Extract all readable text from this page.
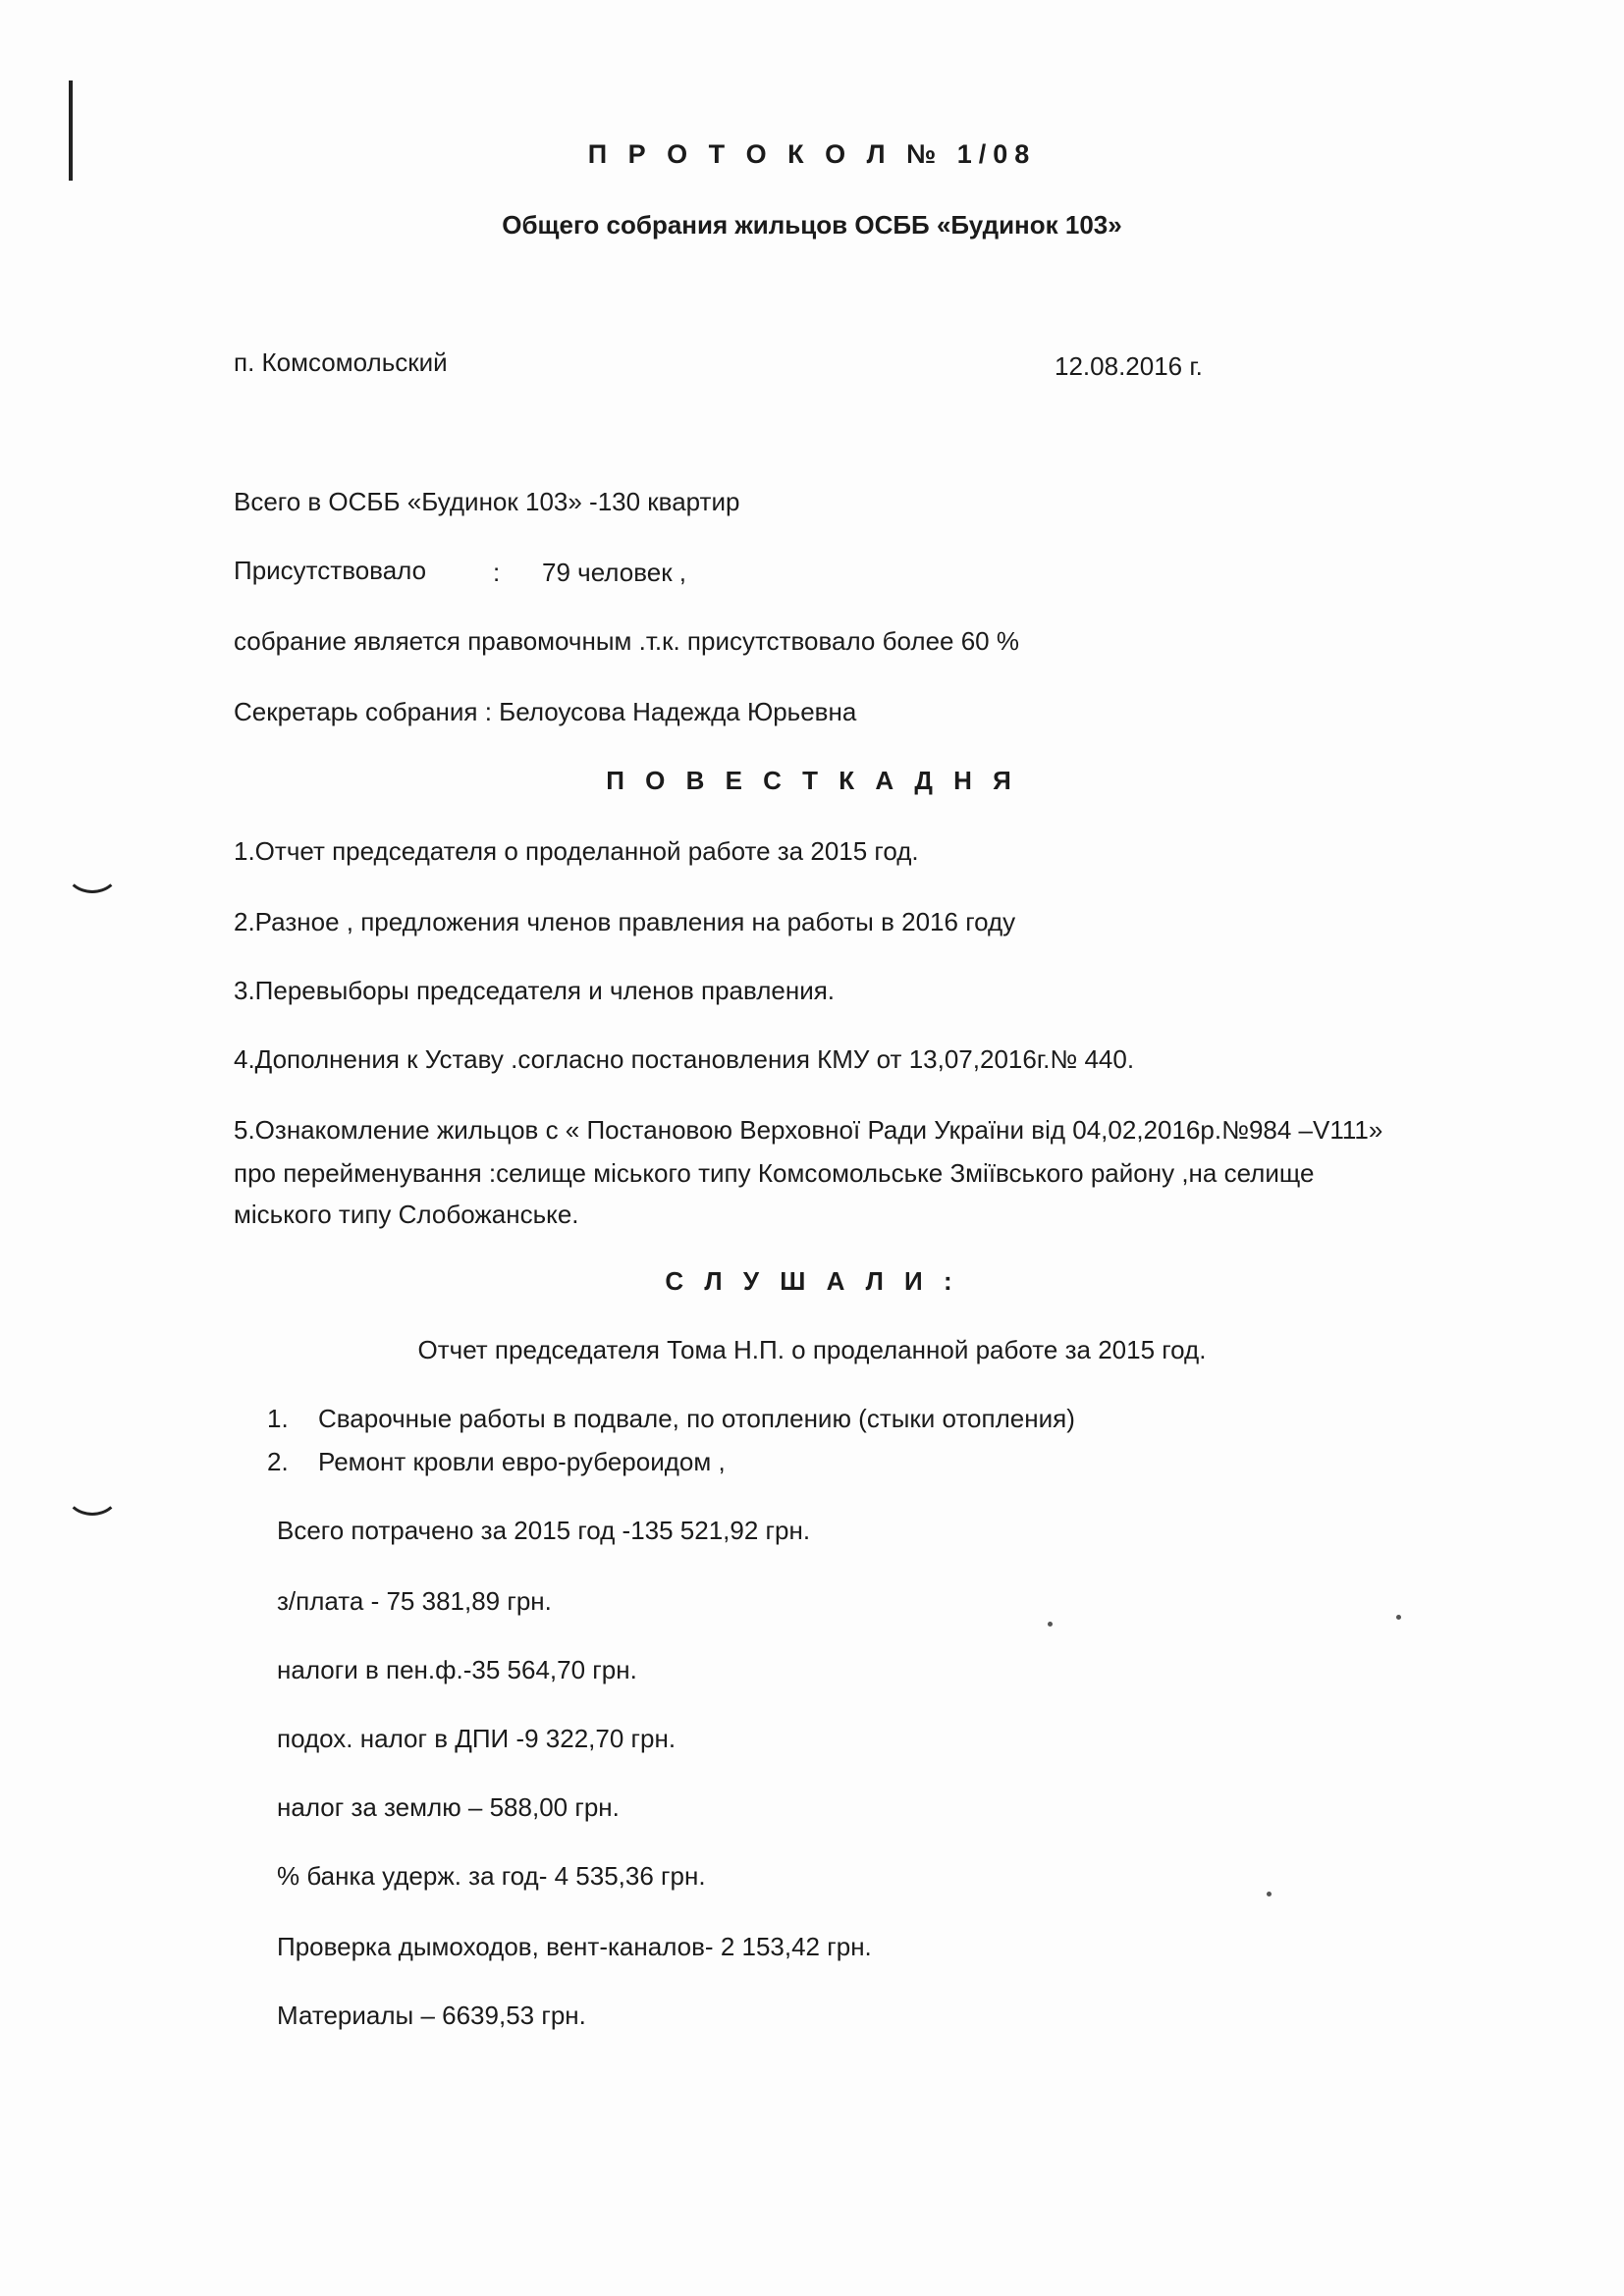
П Р О Т О К О Л № 1/08
Общего собрания жильцов ОСББ «Будинок 103»
п. Комсомольский	12.08.2016 г.
Всего в ОСББ «Будинок 103» -130 квартир
Присутствовало	: 79 человек ,
собрание является правомочным .т.к. присутствовало более 60 %
Секретарь собрания : Белоусова Надежда Юрьевна
П О В Е С Т К А Д Н Я
1.Отчет председателя о проделанной работе за 2015 год.
2.Разное , предложения членов правления на работы в 2016 году
3.Перевыборы председателя и членов правления.
4.Дополнения к Уставу .согласно постановления КМУ от 13,07,2016г.№ 440.
5.Ознакомление жильцов с « Постановою Верховної Ради України від 04,02,2016р.№984 –V111»
про перейменування :селище міського типу Комсомольське Зміївського району ,на селище
міського типу Слобожанське.
С Л У Ш А Л И :
Отчет председателя Тома Н.П. о проделанной работе за 2015 год.
1. Сварочные работы в подвале, по отоплению (стыки отопления)
2. Ремонт кровли евро-рубероидом ,
Всего потрачено за 2015 год -135 521,92 грн.
з/плата - 75 381,89 грн.
налоги в пен.ф.-35 564,70 грн.
подох. налог в ДПИ -9 322,70 грн.
налог за землю – 588,00 грн.
% банка удерж. за год- 4 535,36 грн.
Проверка дымоходов, вент-каналов- 2 153,42 грн.
Материалы – 6639,53 грн.
